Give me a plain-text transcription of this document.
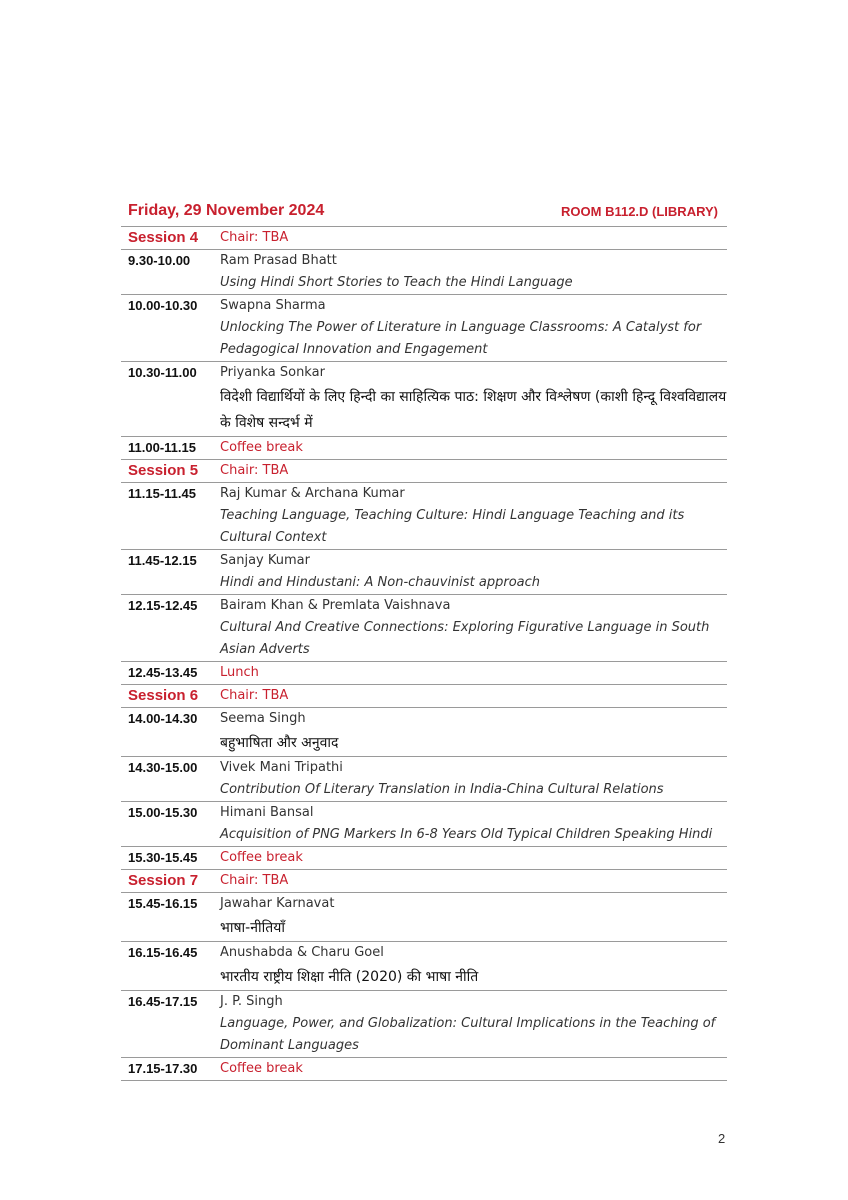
Friday, 29 November 2024	ROOM B112.D (LIBRARY)
Session 4	Chair: TBA
9.30-10.00	Ram Prasad Bhatt
Using Hindi Short Stories to Teach the Hindi Language
10.00-10.30	Swapna Sharma
Unlocking The Power of Literature in Language Classrooms: A Catalyst for Pedagogical Innovation and Engagement
10.30-11.00	Priyanka Sonkar
विदेशी विद्यार्थियों के लिए हिन्दी का साहित्यिक पाठ: शिक्षण और विश्लेषण (काशी हिन्दू विश्वविद्यालय के विशेष सन्दर्भ में
11.00-11.15	Coffee break
Session 5	Chair: TBA
11.15-11.45	Raj Kumar & Archana Kumar
Teaching Language, Teaching Culture: Hindi Language Teaching and its Cultural Context
11.45-12.15	Sanjay Kumar
Hindi and Hindustani: A Non-chauvinist approach
12.15-12.45	Bairam Khan & Premlata Vaishnava
Cultural And Creative Connections: Exploring Figurative Language in South Asian Adverts
12.45-13.45	Lunch
Session 6	Chair: TBA
14.00-14.30	Seema Singh
बहुभाषिता और अनुवाद
14.30-15.00	Vivek Mani Tripathi
Contribution Of Literary Translation in India-China Cultural Relations
15.00-15.30	Himani Bansal
Acquisition of PNG Markers In 6-8 Years Old Typical Children Speaking Hindi
15.30-15.45	Coffee break
Session 7	Chair: TBA
15.45-16.15	Jawahar Karnavat
भाषा-नीतियाँ
16.15-16.45	Anushabda & Charu Goel
भारतीय राष्ट्रीय शिक्षा नीति (2020) की भाषा नीति
16.45-17.15	J. P. Singh
Language, Power, and Globalization: Cultural Implications in the Teaching of Dominant Languages
17.15-17.30	Coffee break
2
